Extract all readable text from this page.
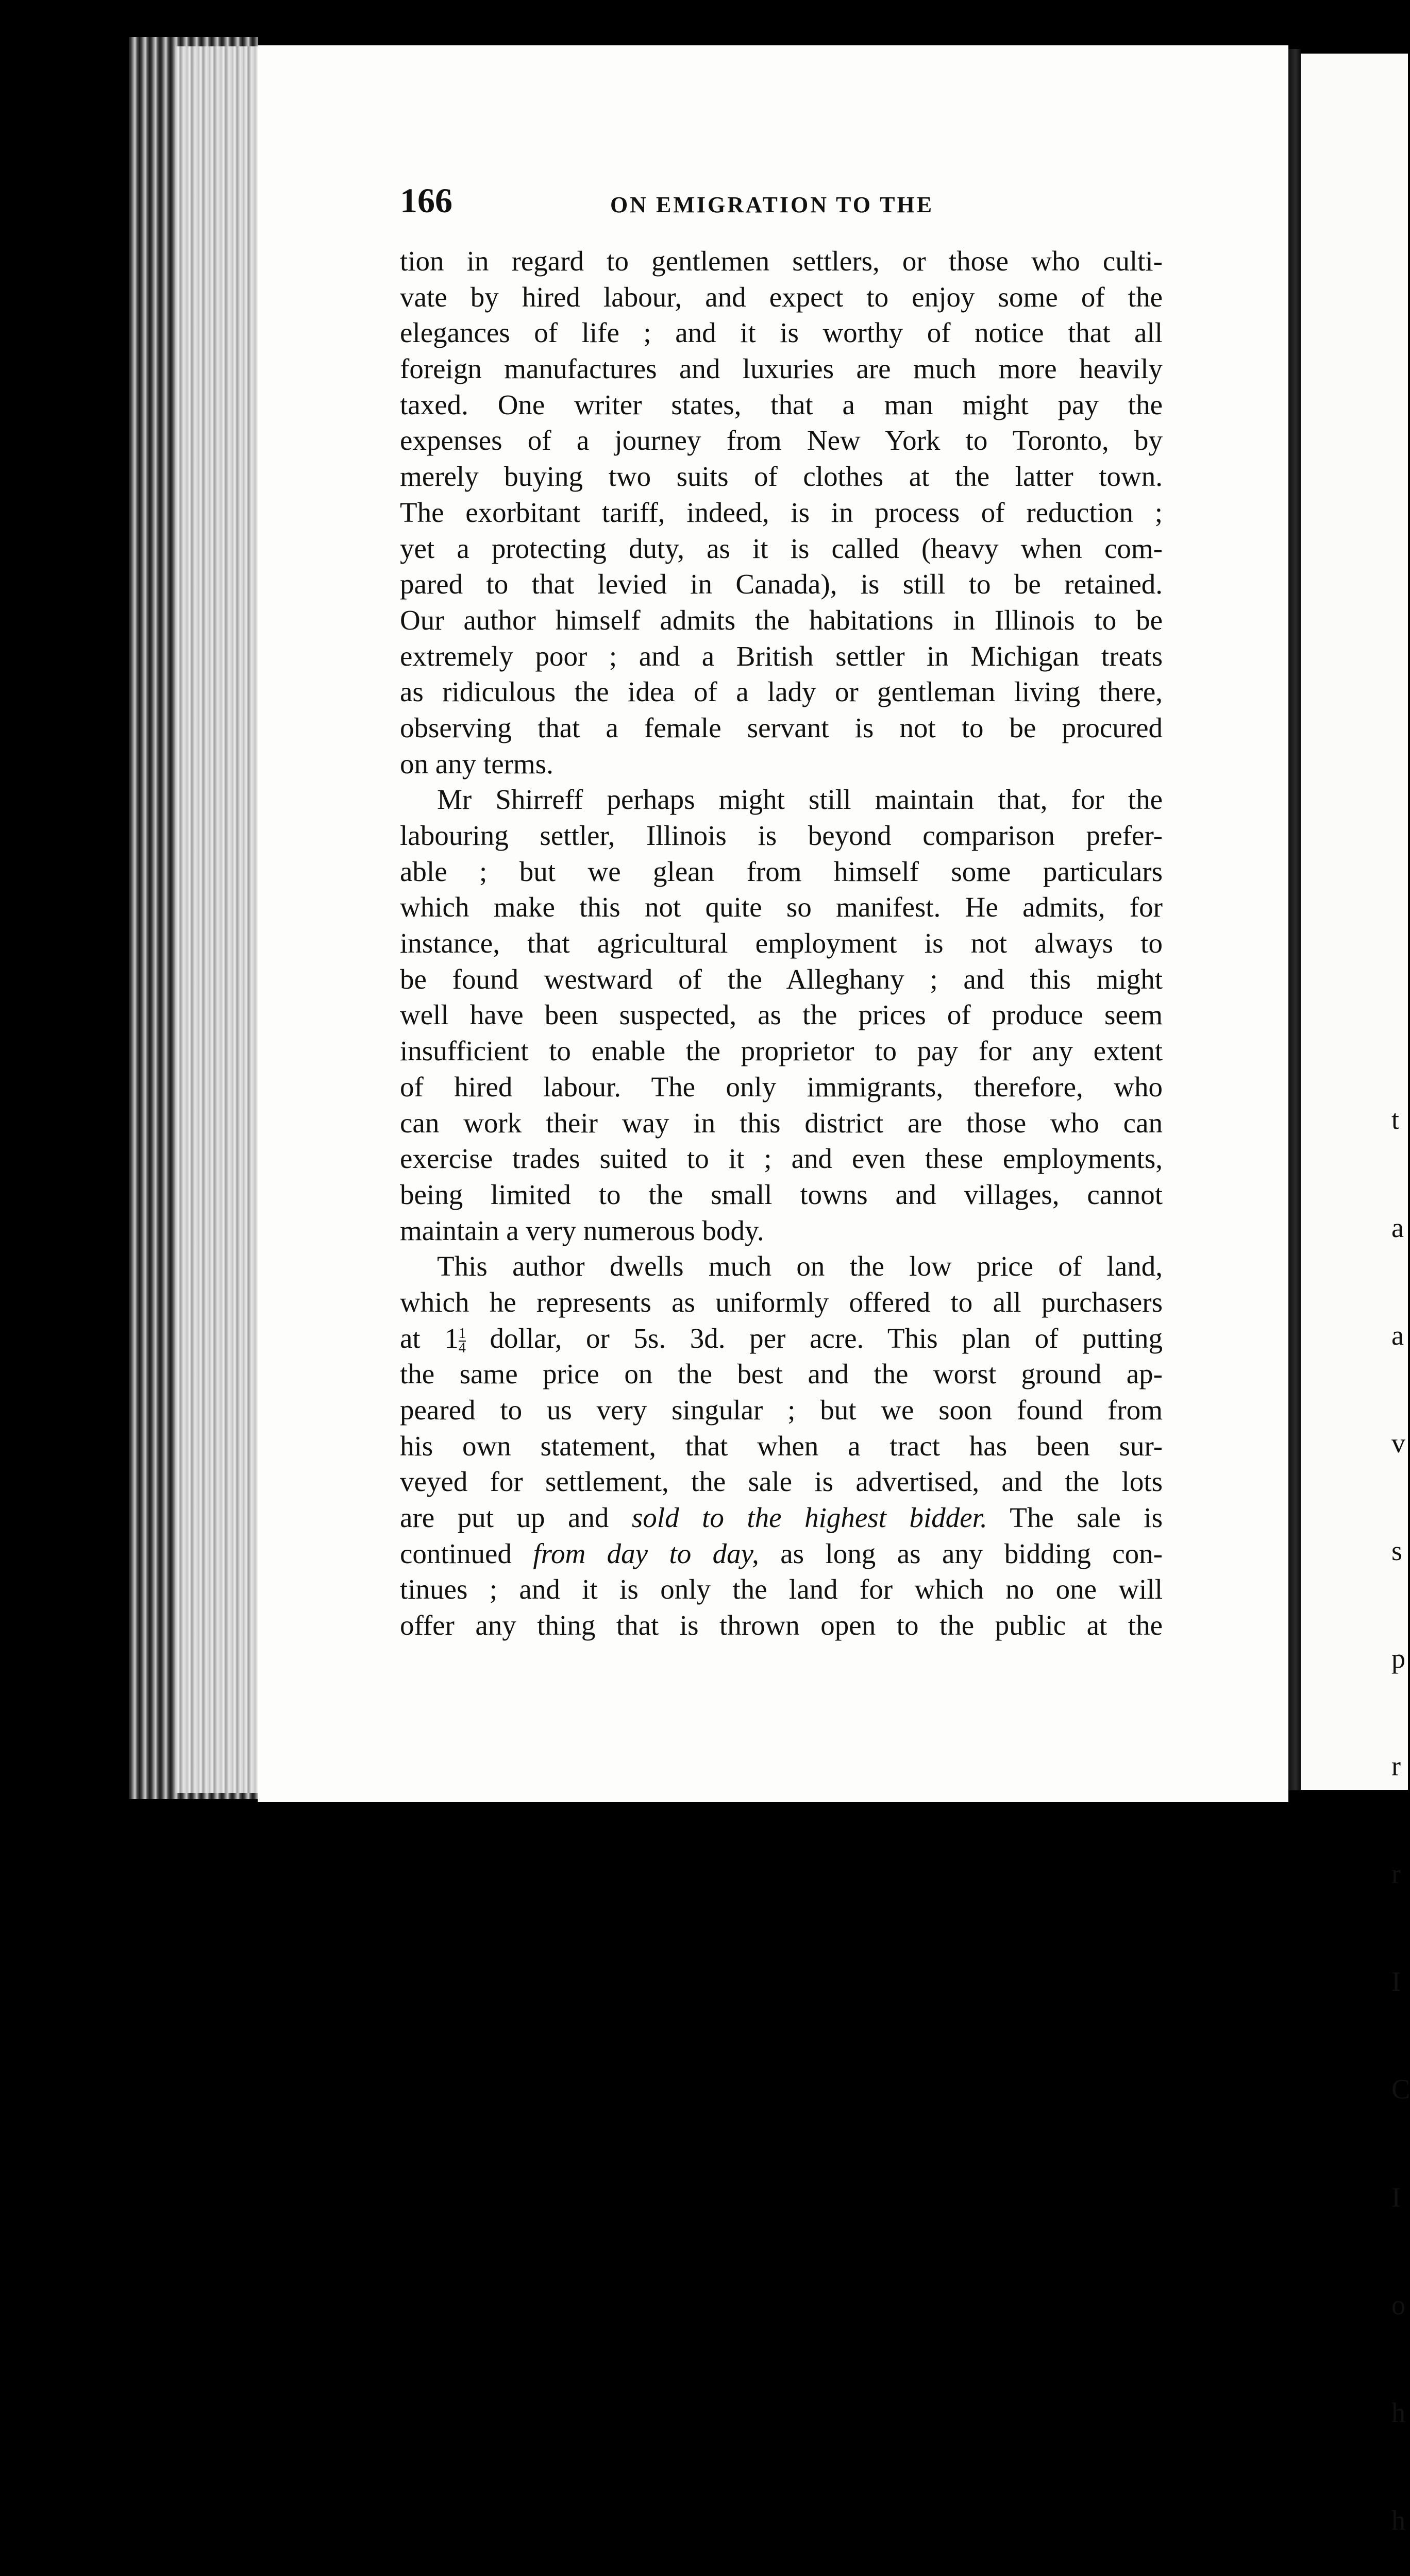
t

a

a

v

s

p

r

r

I

C

I

o

h

h

166	ON EMIGRATION TO THE
tion in regard to gentlemen settlers, or those who culti-
vate by hired labour, and expect to enjoy some of the
elegances of life ; and it is worthy of notice that all
foreign manufactures and luxuries are much more heavily
taxed. One writer states, that a man might pay the
expenses of a journey from New York to Toronto, by
merely buying two suits of clothes at the latter town.
The exorbitant tariff, indeed, is in process of reduction ;
yet a protecting duty, as it is called (heavy when com-
pared to that levied in Canada), is still to be retained.
Our author himself admits the habitations in Illinois to be
extremely poor ; and a British settler in Michigan treats
as ridiculous the idea of a lady or gentleman living there,
observing that a female servant is not to be procured
on any terms.
Mr Shirreff perhaps might still maintain that, for the
labouring settler, Illinois is beyond comparison prefer-
able ; but we glean from himself some particulars
which make this not quite so manifest. He admits, for
instance, that agricultural employment is not always to
be found westward of the Alleghany ; and this might
well have been suspected, as the prices of produce seem
insufficient to enable the proprietor to pay for any extent
of hired labour. The only immigrants, therefore, who
can work their way in this district are those who can
exercise trades suited to it ; and even these employments,
being limited to the small towns and villages, cannot
maintain a very numerous body.
This author dwells much on the low price of land,
which he represents as uniformly offered to all purchasers
at $1 \frac{1}{4}$ dollar, or 5s. 3d. per acre. This plan of putting
the same price on the best and the worst ground ap-
peared to us very singular ; but we soon found from
his own statement, that when a tract has been sur-
veyed for settlement, the sale is advertised, and the lots
are put up and sold to the highest bidder. The sale is
continued from day to day, as long as any bidding con-
tinues ; and it is only the land for which no one will
offer any thing that is thrown open to the public at the
